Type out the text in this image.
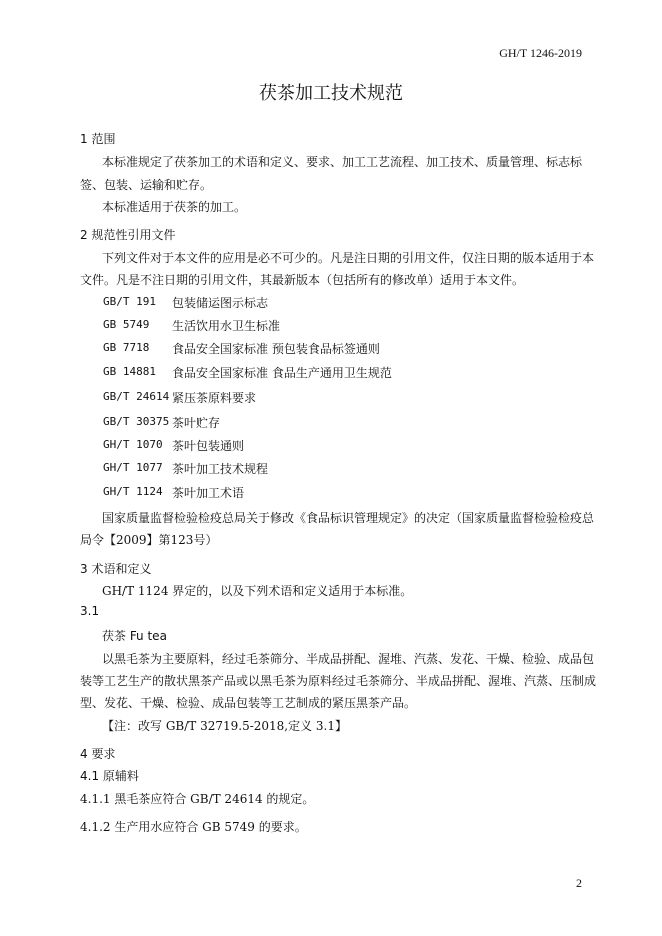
GH/T 1246-2019
茯茶加工技术规范
1 范围
本标准规定了茯茶加工的术语和定义、要求、加工工艺流程、加工技术、质量管理、标志标
签、包装、运输和贮存。
本标准适用于茯茶的加工。
2 规范性引用文件
下列文件对于本文件的应用是必不可少的。凡是注日期的引用文件，仅注日期的版本适用于本
文件。凡是不注日期的引用文件，其最新版本（包括所有的修改单）适用于本文件。
GB/T 191 包装储运图示标志
GB 5749 生活饮用水卫生标准
GB 7718 食品安全国家标准 预包装食品标签通则
GB 14881 食品安全国家标准 食品生产通用卫生规范
GB/T 24614 紧压茶原料要求
GB/T 30375 茶叶贮存
GH/T 1070 茶叶包装通则
GH/T 1077 茶叶加工技术规程
GH/T 1124 茶叶加工术语
国家质量监督检验检疫总局关于修改《食品标识管理规定》的决定（国家质量监督检验检疫总
局令【2009】第123号）
3 术语和定义
GH/T 1124 界定的，以及下列术语和定义适用于本标准。
3.1
茯茶 Fu tea
以黑毛茶为主要原料，经过毛茶筛分、半成品拼配、渥堆、汽蒸、发花、干燥、检验、成品包
装等工艺生产的散状黑茶产品或以黑毛茶为原料经过毛茶筛分、半成品拼配、渥堆、汽蒸、压制成
型、发花、干燥、检验、成品包装等工艺制成的紧压黑茶产品。
【注：改写 GB/T 32719.5-2018,定义 3.1】
4 要求
4.1 原辅料
4.1.1 黑毛茶应符合 GB/T 24614 的规定。
4.1.2 生产用水应符合 GB 5749 的要求。
2
